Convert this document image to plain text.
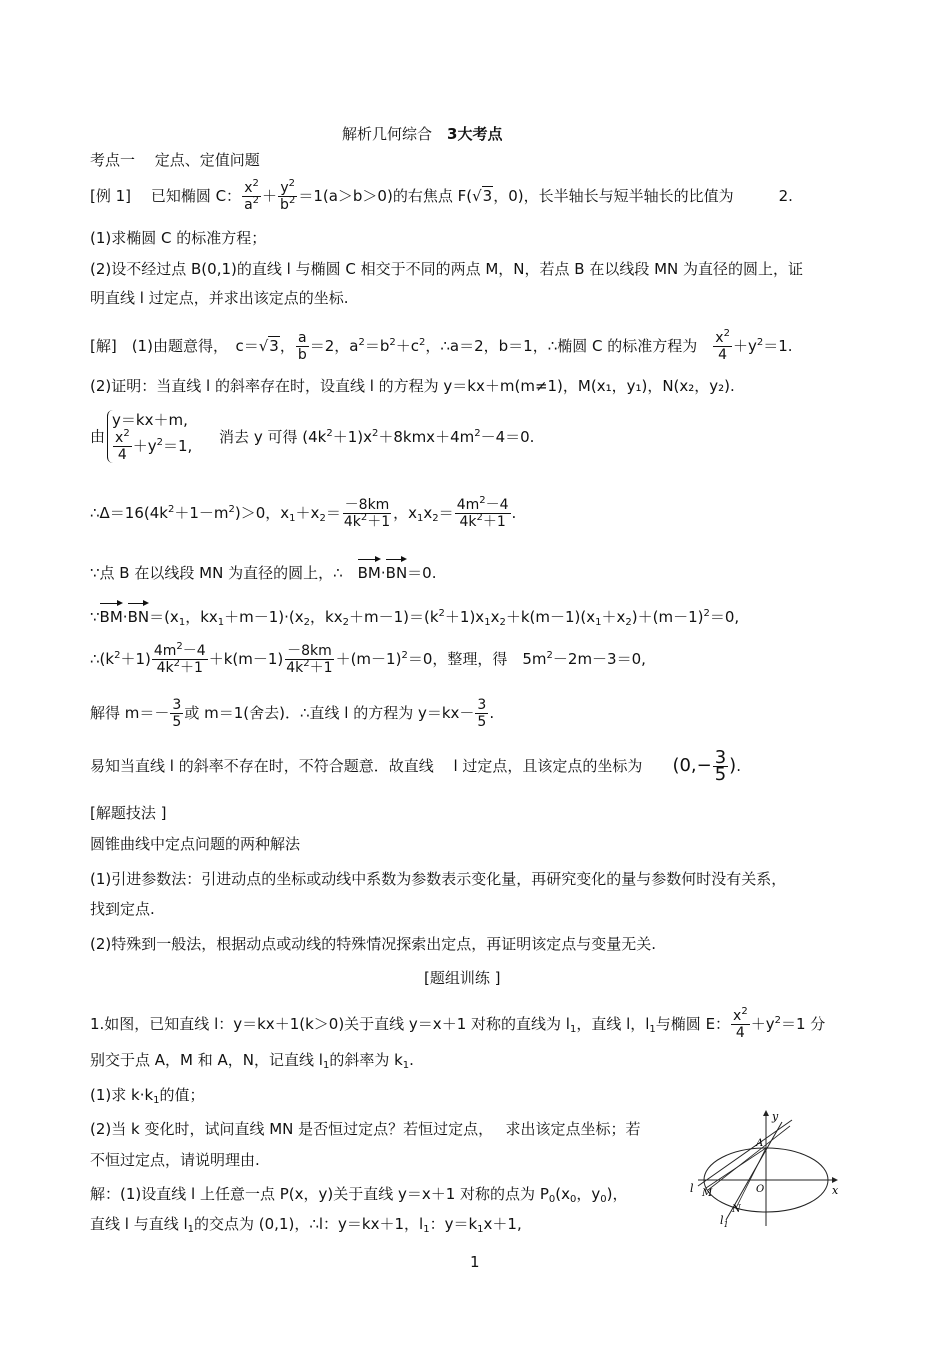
解析几何综合　 3大考点
考点一　 定点、定值问题
[例 1]　 已知椭圆 C： $\frac{x^2}{a^2} + \frac{y^2}{b^2} =1(a>b>0)$的右焦点 F(√3，0)，长半轴长与短半轴长的比值为　　　	2.
(1)求椭圆 C 的标准方程；
(2)设不经过点 B(0,1)的直线 l 与椭圆 C 相交于不同的两点 M，N，若点 B 在以线段 MN 为直径的圆上，证
明直线 l 过定点，并求出该定点的坐标.
[解]　(1)由题意得，　c＝√3， $\frac{a}{b} =2$，$a^2=b^2+c^2$，∴a＝2，b＝1，∴椭圆 C 的标准方程为　 $\frac{x^2}{4} +y^2=1$.
(2)证明：当直线 l 的斜率存在时，设直线 l 的方程为 y＝kx＋m(m≠1)，M(x₁，y₁)，N(x₂，y₂).
由
y＝kx＋m,
$\frac{x^2}{4} +y^2=1$,
消去 y 可得 $(4k^2+1)x^2+8kmx+4m^2-4=0$.
$\therefore\Delta=16(4k^2+1-m^2)>0$，$x_1+x_2= \frac{-8km}{4k^2+1}$ ，$x_1x_2= \frac{4m^2-4}{4k^2+1}$ .
∵点 B 在以线段 MN 为直径的圆上，∴　 BM·BN＝0.
$\because BM\cdot BN=(x_1$，$kx_1+m-1)\cdot(x_2$，$kx_2+m-1)=(k^2+1)x_1x_2+k(m-1)(x_1+x_2)+(m-1)^2=0$,
$\therefore(k^2+1) \frac{4m^2-4}{4k^2+1} +k(m-1) \frac{-8km}{4k^2+1} +(m-1)^2=0$，整理，得　$5m^2-2m-3=0$,
解得 $m=- \frac{3}{5}$ 或 m＝1(舍去)．∴直线 l 的方程为 $y=kx- \frac{3}{5}$ .
易知当直线 l 的斜率不存在时，不符合题意．故直线　 l 过定点，且该定点的坐标为　　 ($0,- \frac{3}{5}$ ).
[解题技法 ]
圆锥曲线中定点问题的两种解法
(1)引进参数法：引进动点的坐标或动线中系数为参数表示变化量，再研究变化的量与参数何时没有关系，
找到定点.
(2)特殊到一般法，根据动点或动线的特殊情况探索出定点，再证明该定点与变量无关.
[题组训练 ]
1.如图，已知直线 l：y＝kx＋1(k＞0)关于直线 y＝x＋1 对称的直线为 $l_1$，直线 l，$l_1$与椭圆 E： $\frac{x^2}{4} +y^2=1$ 分
别交于点 A，M 和 A，N，记直线 $l_1$的斜率为 $k_1$.
(1)求 $k\cdot k_1$的值；
(2)当 k 变化时，试问直线 MN 是否恒过定点？若恒过定点，　 求出该定点坐标；若
不恒过定点，请说明理由.
解：(1)设直线 l 上任意一点 P(x，y)关于直线 y＝x＋1 对称的点为 $P_0(x_0$，$y_0$)，
直线 l 与直线 $l_1$的交点为 (0,1)，∴l：y＝kx＋1，$l_1$：$y=k_1x+1$,
y
x
A
O
M
N
l
$l_1$
1
